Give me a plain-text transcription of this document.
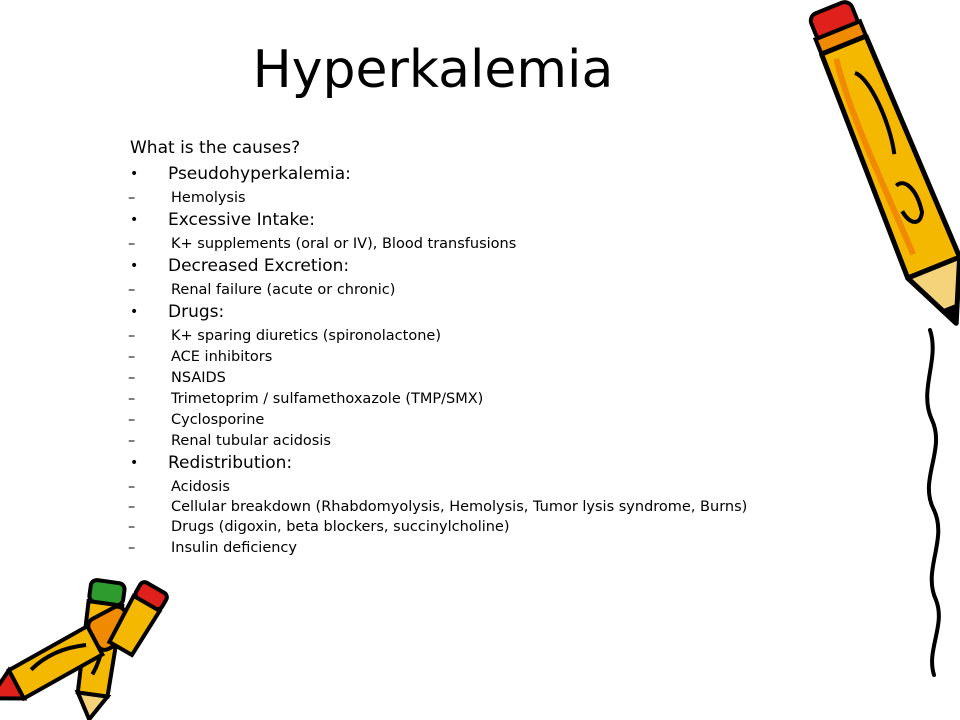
Hyperkalemia

What is the causes?

• Pseudohyperkalemia:
– Hemolysis
• Excessive Intake:
– K+ supplements (oral or IV), Blood transfusions
• Decreased Excretion:
– Renal failure (acute or chronic)
• Drugs:
– K+ sparing diuretics (spironolactone)
– ACE inhibitors
– NSAIDS
– Trimetoprim / sulfamethoxazole (TMP/SMX)
– Cyclosporine
– Renal tubular acidosis
• Redistribution:
– Acidosis
– Cellular breakdown (Rhabdomyolysis, Hemolysis, Tumor lysis syndrome, Burns)
– Drugs (digoxin, beta blockers, succinylcholine)
– Insulin deficiency
